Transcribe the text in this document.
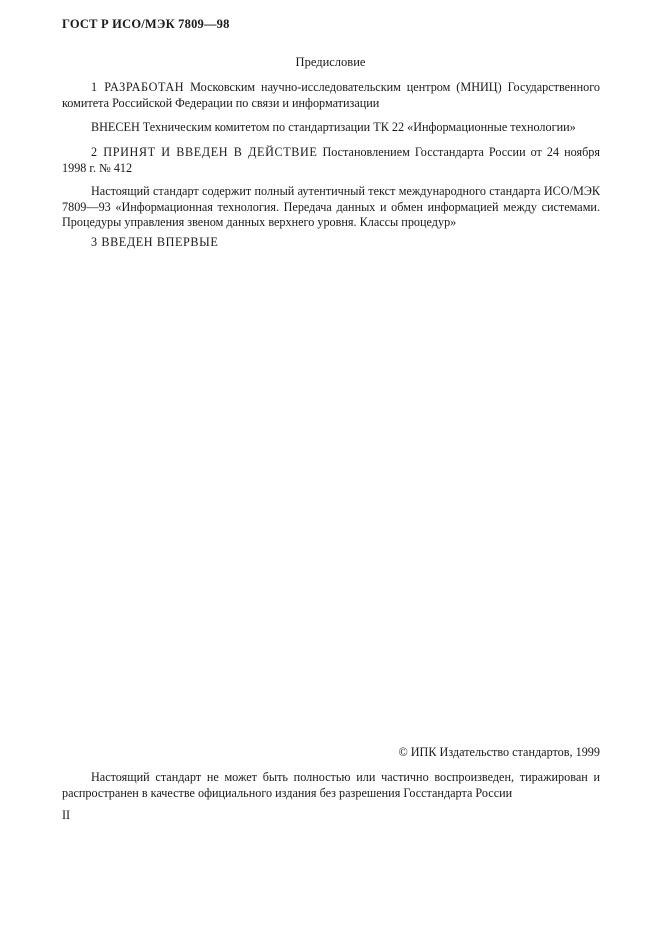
ГОСТ Р ИСО/МЭК 7809—98
Предисловие

1 РАЗРАБОТАН Московским научно-исследовательским центром (МНИЦ) Государственного комитета Российской Федерации по связи и информатизации

ВНЕСЕН Техническим комитетом по стандартизации ТК 22 «Информационные технологии»

2 ПРИНЯТ И ВВЕДЕН В ДЕЙСТВИЕ Постановлением Госстандарта России от 24 ноября 1998 г. № 412

Настоящий стандарт содержит полный аутентичный текст международного стандарта ИСО/МЭК 7809—93 «Информационная технология. Передача данных и обмен информацией между системами. Процедуры управления звеном данных верхнего уровня. Классы процедур»

3 ВВЕДЕН ВПЕРВЫЕ

© ИПК Издательство стандартов, 1999

Настоящий стандарт не может быть полностью или частично воспроизведен, тиражирован и распространен в качестве официального издания без разрешения Госстандарта России

II
